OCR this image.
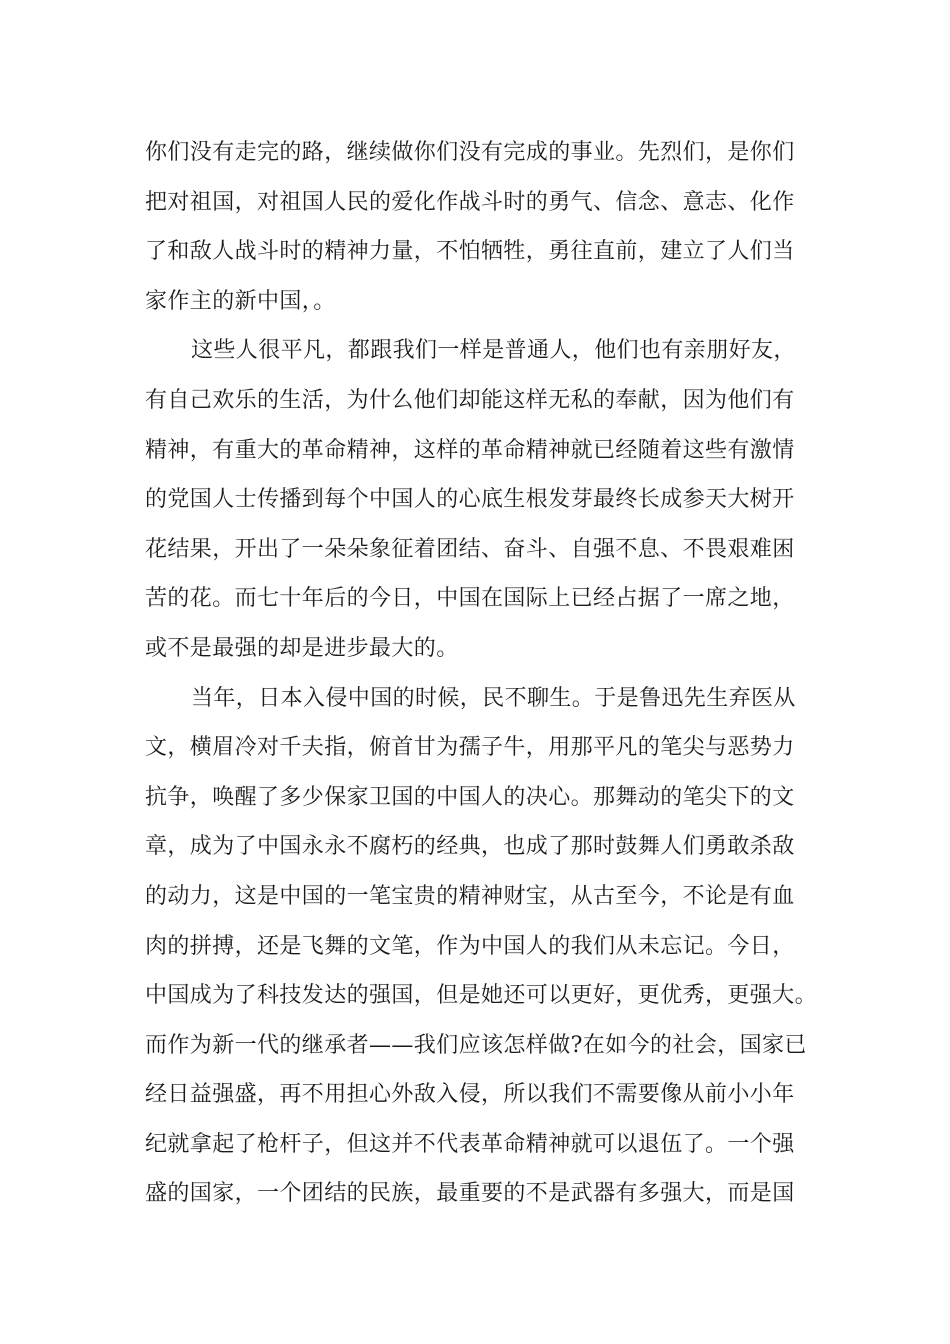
你们没有走完的路，继续做你们没有完成的事业。先烈们，是你们
把对祖国，对祖国人民的爱化作战斗时的勇气、信念、意志、化作
了和敌人战斗时的精神力量，不怕牺牲，勇往直前，建立了人们当
家作主的新中国，。
这些人很平凡，都跟我们一样是普通人，他们也有亲朋好友，
有自己欢乐的生活，为什么他们却能这样无私的奉献，因为他们有
精神，有重大的革命精神，这样的革命精神就已经随着这些有激情
的党国人士传播到每个中国人的心底生根发芽最终长成参天大树开
花结果，开出了一朵朵象征着团结、奋斗、自强不息、不畏艰难困
苦的花。而七十年后的今日，中国在国际上已经占据了一席之地，
或不是最强的却是进步最大的。
当年，日本入侵中国的时候，民不聊生。于是鲁迅先生弃医从
文，横眉冷对千夫指，俯首甘为孺子牛，用那平凡的笔尖与恶势力
抗争，唤醒了多少保家卫国的中国人的决心。那舞动的笔尖下的文
章，成为了中国永永不腐朽的经典，也成了那时鼓舞人们勇敢杀敌
的动力，这是中国的一笔宝贵的精神财宝，从古至今，不论是有血
肉的拼搏，还是飞舞的文笔，作为中国人的我们从未忘记。今日，
中国成为了科技发达的强国，但是她还可以更好，更优秀，更强大。
而作为新一代的继承者——我们应该怎样做?在如今的社会，国家已
经日益强盛，再不用担心外敌入侵，所以我们不需要像从前小小年
纪就拿起了枪杆子，但这并不代表革命精神就可以退伍了。一个强
盛的国家，一个团结的民族，最重要的不是武器有多强大，而是国
